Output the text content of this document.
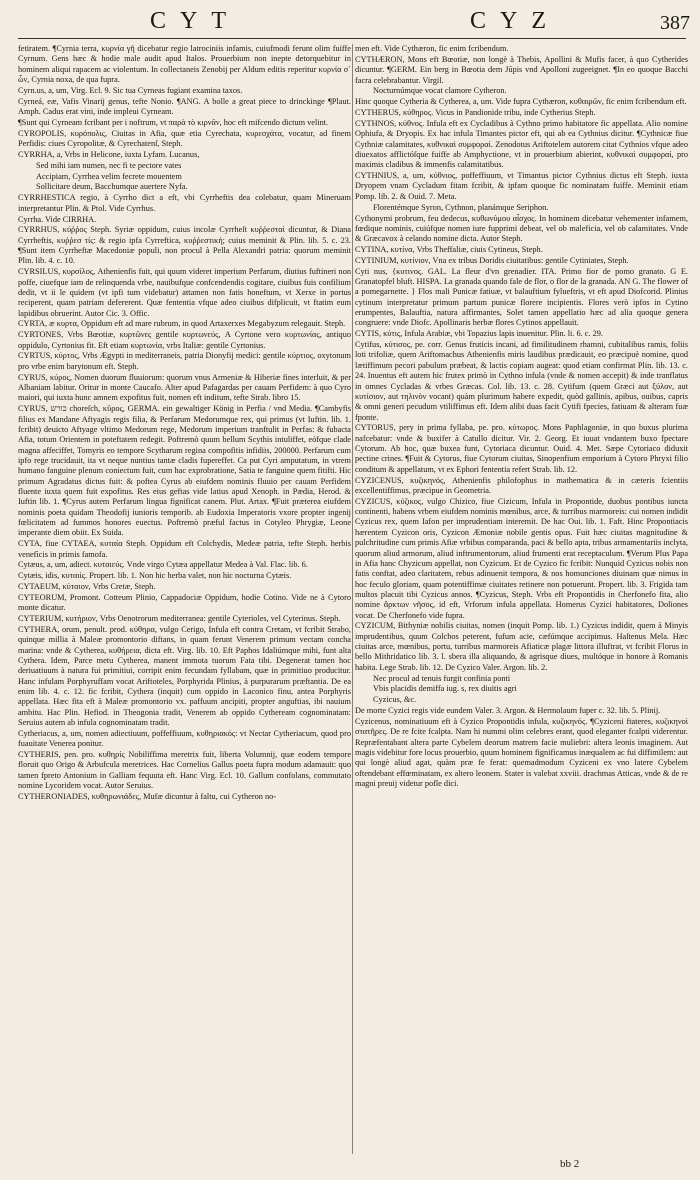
CYT	CYZ	387

fetiratem. ¶Cyrnia terra, κυρνία γῆ dicebatur regio latrociniis infamis, cuiufmodi ferunt olim fuiffe Cyrnum. Gens hæc & hodie male audit apud Italos. Prouerbium non inepte detorquebitur in hominem aliqui rapacem ac violentum. In collectaneis Zenobij per Aldum editis reperitur κυρνία σ᾽ ὧν, Cyrnia noxa, de qua fupra.

Cyrn.us, a, um, Virg. Ecl. 9. Sic tua Cyrneas fugiant examina taxos.

Cyrneá, eæ, Vafis Vinarij genus, tefte Nonio. ¶ANG. A bolle a great piece to drinckinge ¶Plaut. Amph. Cadus erat vini, inde impleui Cyrneam.

¶Sunt qui Cyrneam fcribant per i noftrum, vt παρὰ τὸ κιρνᾶν, hoc eft mifcendo dictum velint.

CYROPOLIS, κυρόπολις, Ciuitas in Afia, quæ etia Cyrechata, κυρεσχάτα, vocatur, ad finem Perfidis: ciues Cyropolitæ, & Cyrechatenſ, Steph.

CYRRHA, a, Vrbs in Helicone, iuxta Lyfam. Lucanus,

Sed mihi iam numen, nec fi te pectore vates

Accipiam, Cyrrhea velim fecrete mouentem

Sollicitare deum, Bacchumque auertere Nyfa.

CYRRHESTICA regio, à Cyrrho dict a eft, vbi Cyrrheftis dea colebatur, quam Mineruam interpretantur Plin. & Ptol. Vide Cyrrhus.

Cyrrha. Vide CIRRHA.

CYRRHUS, κύῤῥος Steph. Syriæ oppidum, cuius incolæ Cyrrheſt κυῤῥεσταὶ dicuntur, & Diana Cyrrheftis, κυῤῥεσ τίς: & regio ipfa Cyrreftica, κυῤῥεστικὴ; cuius meminit & Plin. lib. 5. c. 23. ¶Sunt item Cyrrheftæ Macedoniæ populi, non procul à Pella Alexandri patria: quorum meminit Plin. lib. 4. c. 10.

CYRSILUS, κυρσίλος, Athenienfis fuit, qui quum videret imperium Perfarum, diutius fuftineri non poffe, ciuefque iam de relinquenda vrbe, nauibufque confcendendis cogitare, ciuibus fuis confilium dedit, vt ii le quidem (vt ipfi tum videbatur) attamen non fatis honeftum, vt Xerxe in portus reciperent, quam patriam defererent. Quæ fententia vfque adeo ciuibus difplicuit, vt ftatim eum lapidibus obruerint. Autor Cic. 3. Offic.

CYRTA, æ κυρτα, Oppidum eft ad mare rubrum, in quod Artaxerxes Megabyzum relegauit. Steph.

CYRTONES, Vrbs Bœotiæ, κυρτῶνες gentile κυρτωνεύς, A Cyrtone vero κυρτωνίας, antiquo oppidulo, Cyrtonius fit. Eft etiam κυρτωνία, vrbs Italiæ: gentile Cyrtonius.

CYRTUS, κύρτος, Vrbs Ægypti in mediterraneis, patria Dionyfij medici: gentile κύρτιος, oxytonum pro vrbe enim barytonum eft. Steph.

CYRUS, κύρος, Nomen duorum fluuiorum: quorum vnus Armeniæ & Hiberiæ fines interluit, & per Albaniam labitur. Oritur in monte Caucafo. Alter apud Pafagardas per cauam Perfidem: à quo Cyro maiori, qui iuxta hunc amnem expofitus fuit, nomen eft inditum, tefte Strab. libro 15.

CYRUS, כורש choreſch, κῦρος, GERMA. ein gewaltiger König in Perfia / vnd Media. ¶Cambyfis filius ex Mandane Aftyagis regis filia, & Perfarum Medorumque rex, qui primus (vt Iuftin. lib. 1. fcribit) deuicto Aftyage vltimo Medorum rege, Medorum imperium tranftulit in Perfas: & fubacta Afia, totum Orientem in poteftatem redegit. Poftremò quum bellum Scythis intuliffet, eófque clade magna affeciffet, Tomyris eo tempore Scytharum regina compofitis infidiis, 200000. Perfarum cum ipfo rege trucidauit, ita vt neque nuntius tantæ cladis fupereffet. Ca put Cyri amputatum, in vtrem humano fanguine plenum coniectum fuit, cum hac exprobratione, Satia te fanguine quem fitifti. Hic primum Agradatus dictus fuit: & poftea Cyrus ab eiufdem nominis fluuio per cauam Perfidem fluente iuxta quem fuit expofitus. Res eius geftas vide latius apud Xenoph. in Pædia, Herod. & Iuftin lib. 1. ¶Cyrus autem Perfarum lingua fignificat canem. Plut. Artax. ¶Fuit præterea eiufdem nominis poeta quidam Theodofij iunioris temporib. ab Eudoxia Imperatoris vxore propter ingenij fœlicitatem ad fummos honores euectus. Poftremò præful factus in Cotyleo Phrygiæ, Leone imperante diem obiit. Ex Suida.

CYTA, fiue CYTAEA, κυταία Steph. Oppidum eft Colchydis, Medeæ patria, tefte Steph. herbis venefìcis in primis famofa.

Cytæus, a, um, adiect. κυταιεύς. Vnde virgo Cytæa appellatur Medea à Val. Flac. lib. 6.

Cytæis, idis, κυταιίς. Propert. lib. 1. Non hic herba valet, non hic nocturna Cytæis.

CYTAEUM, κύταιον, Vrbs Cretæ, Steph.

CYTEORUM, Promont. Cotteum Plinio, Cappadociæ Oppidum, hodie Cotino. Vide ne à Cytoro monte dicatur.

CYTERIUM, κυτήριον, Vrbs Oenotrorum mediterranea: gentile Cyterioles, vel Cyterinus. Steph.

CYTHERA, orum, penult. prod. κύθηρα, vulgo Cerigo, Infula eft contra Cretam, vt fcribit Strabo, quinque millia à Maleæ promontorio diftans, in quam ferunt Venerem primum vectam concha marina: vnde & Cytherea, κυθήρεια, dicta eft. Virg. lib. 10. Eft Paphos Idaliúmque mihi, funt alta Cythera. Idem, Parce metu Cytherea, manent immota tuorum Fata tibi. Degenerat tamen hoc deriuatiuum à natura fui primitiui, corripit enim fecundam fyllabam, quæ in primitiuo producitur. Hanc infulam Porphyruffam vocat Ariftoteles, Porphyrida Plinius, à purpurarum præftantia. De ea enim lib. 4. c. 12. fic fcribit, Cythera (inquit) cum oppido in Laconico finu, antea Porphyris appellata. Hæc fita eft à Maleæ promontorio vx. paffuum ancipiti, propter anguftias, ibi nauium ambitu. Hac Plin. Hefiod. in Theogonia tradit, Venerem ab oppido Cytheream cognominatam: Seruius autem ab infula cognominatam tradit.

Cytheriacus, a, um, nomen adiectiuum, poffeffiuum, κυθηριακός: vt Nectar Cytheriacum, quod pro fuauitate Venerea ponitur.

CYTHERIS, pen. pro. κυθηρίς Nobiliffima meretrix fuit, liberta Volumnij, quæ eodem tempore floruit quo Origo & Arbufcula meretrices. Hac Cornelius Gallus poeta fupra modum adamauit: quo tamen fpreto Antonium in Galliam fequuta eft. Hanc Virg. Ecl. 10. Gallum confolans, commutato nomine Lycoridem vocat. Autor Seruius.

CYTHERONIADES, κυθηρωνιάδες, Mufæ dicuntur à faltu, cui Cytheron no-

men eft. Vide Cythæron, fic enim fcribendum.

CYTHÆRON, Mons eft Bœotiæ, non longè à Thebis, Apollini & Mufis facer, à quo Cytherides dicuntur. ¶GERM. Ein berg in Bœotia dem Jūpis vnd Apolloni zugeeignet. ¶In eo quoque Bacchi facra celebrabantur. Virgil.

Nocturnúmque vocat clamore Cytheron.

Hinc quoque Cytheria & Cytherea, a, um. Vide fupra Cythæron, κυθαιρῶν, fic enim fcribendum eft.

CYTHERUS, κύθηρος. Vicus in Pandionide tribu, inde Cytherius Steph.

CYTHNOS, κύθνος. Infula eft ex Cycladibus à Cythno primo habitatore fic appellata. Alio nomine Ophiufa, & Dryopis. Ex hac infula Timantes pictor eft, qui ab ea Cythnius dicitur. ¶Cythnicæ fiue Cythniæ calamitates, κυθνικαὶ συμφοραί. Zenodotus Ariftotelem autorem citat Cythnios vfque adeo diuexatos afflictóſque fuiffe ab Amphyctione, vt in prouerbium abierint, κυθνικαὶ συμφοραί, pro maximis cladibus & immenfis calamitatibus.

CYTHNIUS, a, um, κύθνιος, poffeffiuum, vt Timantus pictor Cythnius dictus eft Steph. iuxta Dryopem vnam Cycladum fitam fcribit, & ipfam quoque fic nominatam fuiffe. Meminit etiam Pomp. lib. 2. & Ouid. 7. Meta.

Florentémque Syron, Cythnon, planámque Seriphon.

Cythonymi probrum, feu dedecus, κυθωνύμου αἶσχος. In hominem dicebatur vehementer infamem, fœdique nominis, cuiúfque nomen iure fupprimi debeat, vel ob maleficia, vel ob calamitates. Vnde & Græcavox à celando nomine dicta. Autor Steph.

CYTINA, κυτίνα, Vrbs Theffaliæ, ciuis Cytineus, Steph.

CYTINIUM, κυτίνιον, Vna ex tribus Doridis ciuitatibus: gentile Cytiniates, Steph.

Cyti nus, {κυτινος. GAL. La fleur d'vn grenadier. ITA. Primo fior de pomo granato. G E. Granatopfel bluft. HISPA. La granada quando fale de flor, o flor de la granada. AN G. The flower of a pomegarnette. } Flos mali Punicæ fatiuæ, vt balauftium fylueftris, vt eft apud Diofcorid. Plinius cytinum interpretatur primum partum punicæ florere incipientis. Flores verò ipfos in Cytino erumpentes, Balauftia, natura affirmantes, Solet tamen appellatio hæc ad alia quoque genera congruere: vnde Diofc. Apollinaris herbæ flores Cytinos appellauit.

CYTIS, κύτις, Infula Arabiæ, vbi Topazius lapis inuenitur. Plin. li. 6. c. 29.

Cytifus, κύτισος, pe. corr. Genus fruticis incani, ad fimilitudinem rhamni, cubitalibus ramis, foliis loti trifoliæ, quem Ariftomachus Athenienfis miris laudibus prædicauit, eo præcipuè nomine, quod lætiffimum pecori pabulum præbeat, & lactis copiam augeat: quod etiam confirmat Plin. lib. 13. c. 24. Inuentus eft autem hic frutex primò in Cythno infula (vnde & nomen accepit) & inde tranflatus in omnes Cycladas & vrbes Græcas. Col. lib. 13. c. 28. Cytifum (quem Græci aut ξύλον, aut κυτίσιον, aut τηλινὸν vocant) quàm plurimum habere expedit, quòd gallinis, apibus, ouibus, capris & omni generi pecudum vtiliffimus eft. Idem alibi duas facit Cytifi fpecies, fatiuam & alteram fuæ fponte.

CYTORUS, pery in prima fyllaba, pe. pro. κύτωρος. Mons Paphlagoniæ, in quo buxus plurima nafcebatur: vnde & buxifer à Catullo dicitur. Vir. 2. Georg. Et iuuat vndantem buxo fpectare Cytorum. Ab hoc, quæ buxea funt, Cytoriaca dicuntur. Ouid. 4. Met. Sæpe Cytoriaco diduxit pectine crines. ¶Fuit & Cytorus, fiue Cytorum ciuitas, Sinopenfium emporium à Cytoro Phryxi filio conditum & appellatum, vt ex Ephori fententia refert Strab. lib. 12.

CYZICENUS, κυζικηνός, Athenienfis philofophus in mathematica & in cæteris fcientiis excellentiffimus, præcipue in Geometria.

CYZICUS, κύζικος, vulgo Chizico, fiue Cizicum, Infula in Propontide, duobus pontibus iuncta continenti, habens vrbem eiufdem nominis mœnibus, arce, & turribus marmoreis: cui nomen indidit Cyzicus rex, quem Iafon per imprudentiam interemit. De hac Oui. lib. 1. Faft. Hinc Propontiacis hærentem Cyzicon oris, Cyzicon Æmoniæ nobile gentis opus. Fuit hæc ciuitas magnitudine & pulchritudine cum primis Afiæ vrbibus comparanda, paci & bello apta, tribus armamentariis inclyta, quorum aliud armorum, aliud inftrumentorum, aliud frumenti erat receptaculum. ¶Verum Plus Papa in Afia hanc Chyzicum appellat, non Cyzicum. Et de Cyzico fic fcribit: Nunquid Cyzicus nobis non fatis conftat, adeo claritatem, rebus adinuenit tempora, & nos homunciones diuinam quæ nimus in hoc feculo gloriam, quam potentiffimæ ciuitates retinere non potuerunt. Propert. lib. 3. Frigida tam multos placuit tibi Cyzicus annos. ¶Cyzicus, Steph. Vrbs eft Propontidis in Cherfonefo fita, alio nomine ἄρκτων νῆσος, id eft, Vrforum infula appellata. Homerus Cyzici habitatores, Doliones vocat. De Cherfonefo vide fupra.

CYZICUM, Bithyniæ nobilis ciuitas, nomen (inquit Pomp. lib. 1.) Cyzicus indidit, quem à Minyis imprudentibus, quum Colchos peterent, fufum acie, cæfúmque accipimus. Haſtenus Mela. Hæc ciuitas arce, mœnibus, portu, turribus marmoreis Afiaticæ plagæ littora illuftrat, vt fcribit Florus in bello Mithridatico lib. 3. l. sbera illa aliquando, & agrisque diues, multóque in honore à Romanis habita. Lege Strab. lib. 12. De Cyzico Valer. Argon. lib. 2.

Nec procul ad tenuis furgit confinia ponti

Vbis placidis demiffa iug. s, rex diuitis agri

Cyzicus, &c.

De morte Cyzici regis vide eundem Valer. 3. Argon. & Hermolaum fuper c. 32. lib. 5. Plinij.

Cyzicenus, nominatiuum eft à Cyzico Propontidis infula, κυζικηνός. ¶Cyziceni ftateres, κυζικηνοὶ στατῆρες. De re fcite fcalpta. Nam hi nummi olim celebres erant, quod eleganter fcalpti viderentur. Repræfentabant altera parte Cybelem deorum matrem facie muliebri: altera leonis imaginem. Aut magis videbitur fore locus prouerbio, quum hominem fignificamus inæqualem ac fui diffimilem: aut qui longè aliud agat, quàm præ fe ferat: quemadmodum Cyziceni ex vno latere Cybelem oftendebant effœminatam, ex altero leonem. Stater is valebat xxviii. drachmas Atticas, vnde & de re magni preuij videtur pofle dici.

bb 2
